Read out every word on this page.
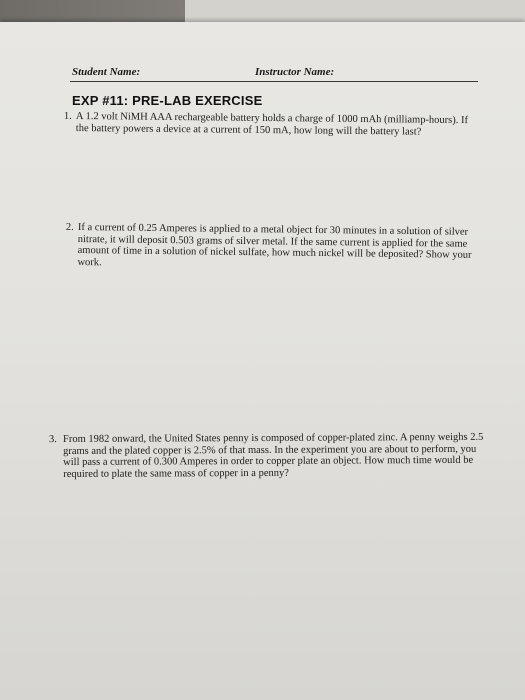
Student Name:	Instructor Name:
EXP #11: PRE-LAB EXERCISE
1. A 1.2 volt NiMH AAA rechargeable battery holds a charge of 1000 mAh (milliamp-hours). If the battery powers a device at a current of 150 mA, how long will the battery last?
2. If a current of 0.25 Amperes is applied to a metal object for 30 minutes in a solution of silver nitrate, it will deposit 0.503 grams of silver metal. If the same current is applied for the same amount of time in a solution of nickel sulfate, how much nickel will be deposited? Show your work.
3. From 1982 onward, the United States penny is composed of copper-plated zinc. A penny weighs 2.5 grams and the plated copper is 2.5% of that mass. In the experiment you are about to perform, you will pass a current of 0.300 Amperes in order to copper plate an object. How much time would be required to plate the same mass of copper in a penny?
